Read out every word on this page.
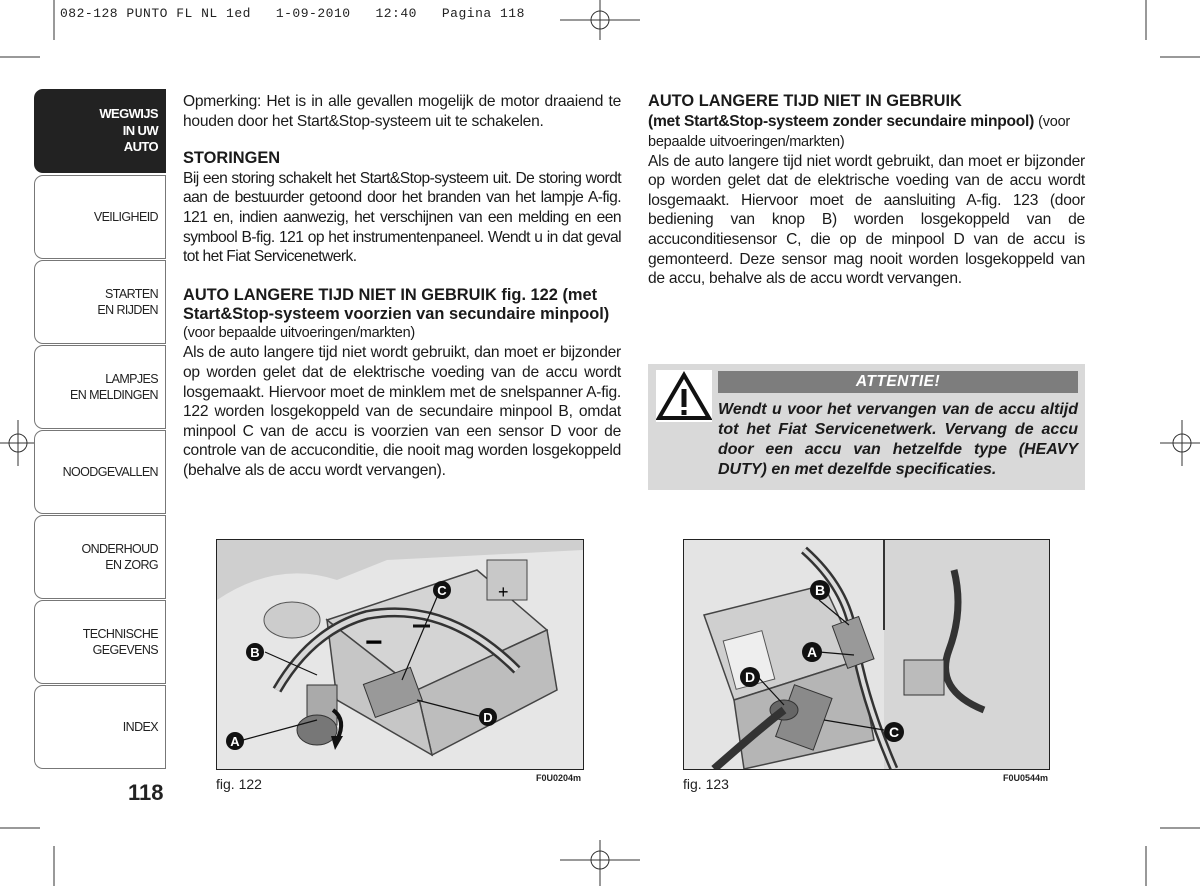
082-128 PUNTO FL NL 1ed   1-09-2010   12:40   Pagina 118
WEGWIJS
IN UW
AUTO
VEILIGHEID
STARTEN
EN RIJDEN
LAMPJES
EN MELDINGEN
NOODGEVALLEN
ONDERHOUD
EN ZORG
TECHNISCHE
GEGEVENS
INDEX
118

Opmerking: Het is in alle gevallen mogelijk de motor draaiend te houden door het Start&Stop-systeem uit te schakelen.

STORINGEN

Bij een storing schakelt het Start&Stop-systeem uit. De storing wordt aan de bestuurder getoond door het branden van het lampje A-fig. 121 en, indien aanwezig, het verschijnen van een melding en een symbool B-fig. 121 op het instrumentenpaneel. Wendt u in dat geval tot het Fiat Servicenetwerk.

AUTO LANGERE TIJD NIET IN GEBRUIK fig. 122 (met Start&Stop-systeem voorzien van secundaire minpool)

(voor bepaalde uitvoeringen/markten)

Als de auto langere tijd niet wordt gebruikt, dan moet er bijzonder op worden gelet dat de elektrische voeding van de accu wordt losgemaakt. Hiervoor moet de minklem met de snelspanner A-fig. 122 worden losgekoppeld van de secundaire minpool B, omdat minpool C van de accu is voorzien van een sensor D voor de controle van de accuconditie, die nooit mag worden losgekoppeld (behalve als de accu wordt vervangen).

AUTO LANGERE TIJD NIET IN GEBRUIK

(met Start&Stop-systeem zonder secundaire minpool) (voor bepaalde uitvoeringen/markten)

Als de auto langere tijd niet wordt gebruikt, dan moet er bijzonder op worden gelet dat de elektrische voeding van de accu wordt losgemaakt. Hiervoor moet de aansluiting A-fig. 123 (door bediening van knop B) worden losgekoppeld van de accuconditiesensor C, die op de minpool D van de accu is gemonteerd. Deze sensor mag nooit worden losgekoppeld van de accu, behalve als de accu wordt vervangen.

ATTENTIE!
Wendt u voor het vervangen van de accu altijd tot het Fiat Servicenetwerk. Vervang de accu door een accu van hetzelfde type (HEAVY DUTY) en met dezelfde specificaties.
+
−
C
B
D
A
fig. 122	F0U0204m
B
A
D
C
fig. 123	F0U0544m
